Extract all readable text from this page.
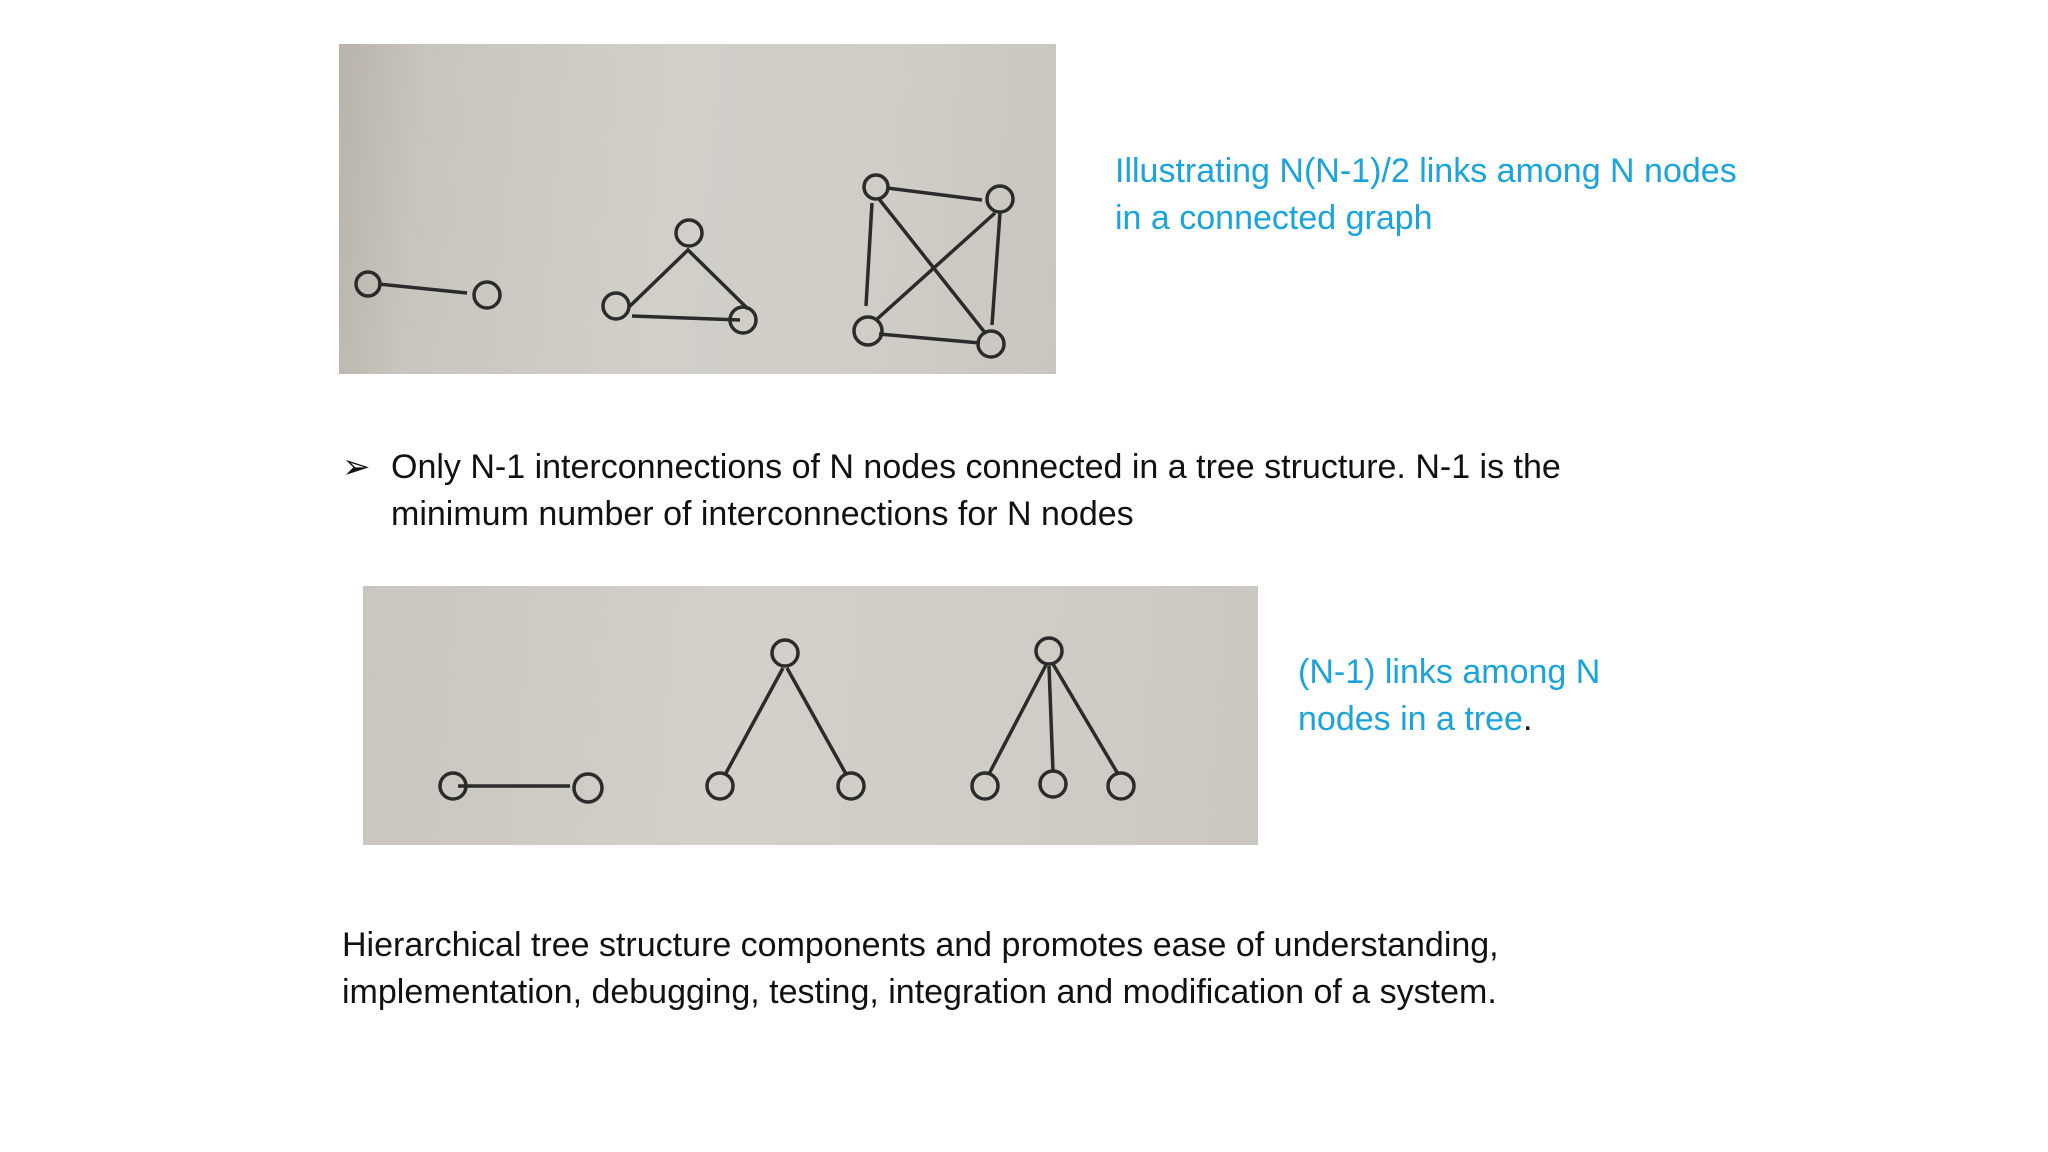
Illustrating N(N-1)/2 links among N nodes in a connected graph

➢ Only N-1 interconnections of N nodes connected in a tree structure. N-1 is the minimum number of interconnections for N nodes

(N-1) links among N nodes in a tree.

Hierarchical tree structure components and promotes ease of understanding, implementation, debugging, testing, integration and modification of a system.
